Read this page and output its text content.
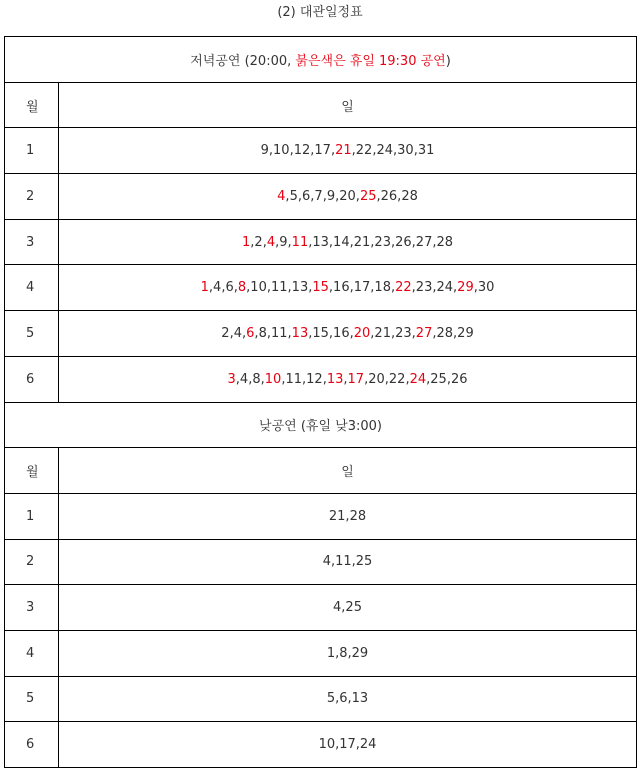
(2) 대관일정표
저녁공연 (20:00, 붉은색은 휴일 19:30 공연)	
월	일
1	9,10,12,17,21,22,24,30,31
2	4,5,6,7,9,20,25,26,28
3	1,2,4,9,11,13,14,21,23,26,27,28
4	1,4,6,8,10,11,13,15,16,17,18,22,23,24,29,30
5	2,4,6,8,11,13,15,16,20,21,23,27,28,29
6	3,4,8,10,11,12,13,17,20,22,24,25,26
낮공연 (휴일 낮3:00)	
월	일
1	21,28
2	4,11,25
3	4,25
4	1,8,29
5	5,6,13
6	10,17,24
